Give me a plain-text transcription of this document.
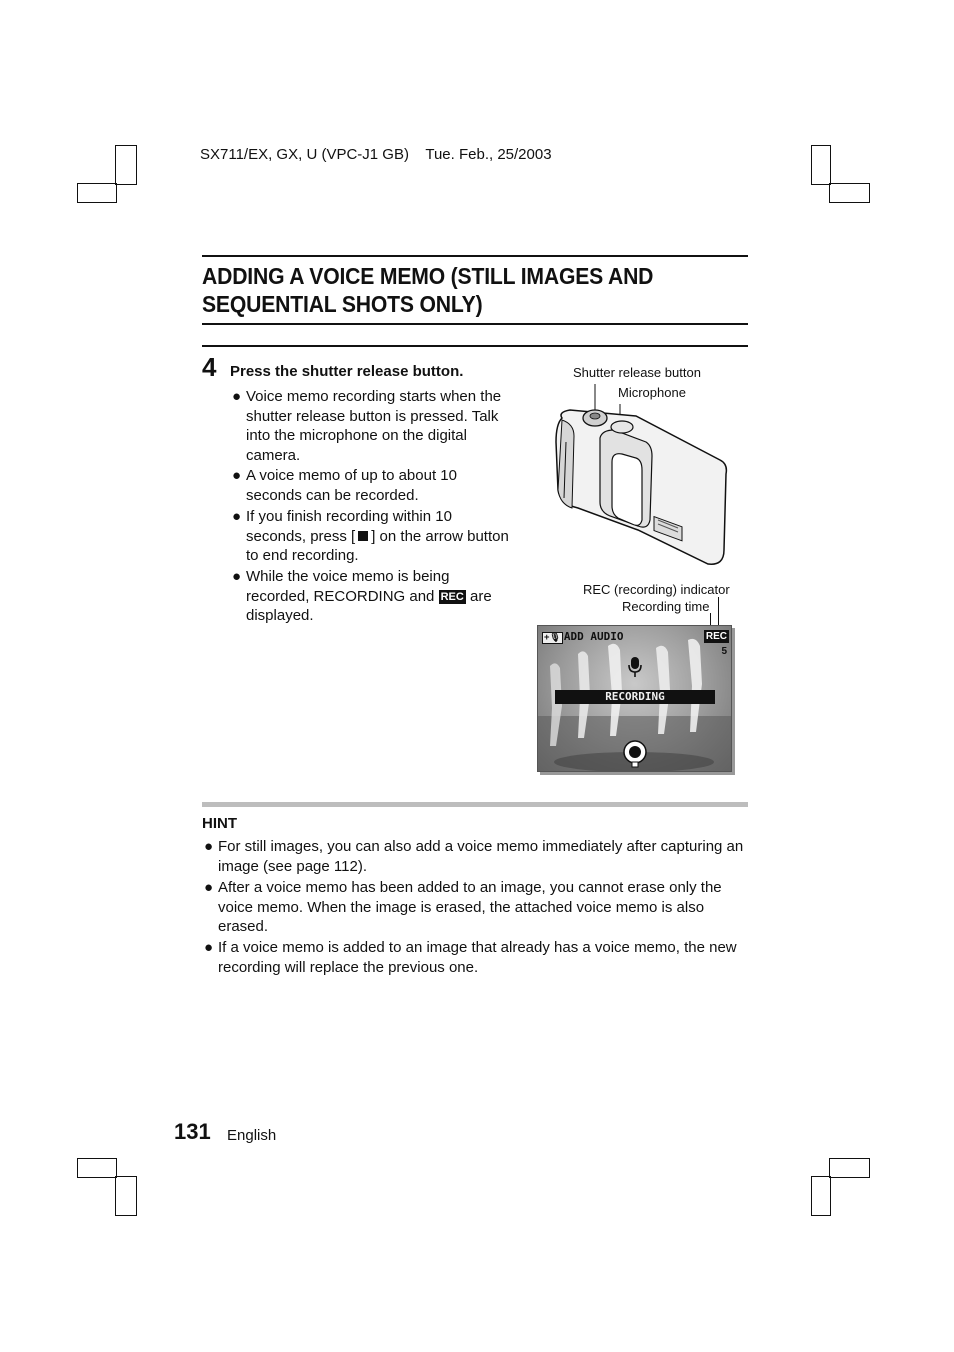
SX711/EX, GX, U (VPC-J1 GB)    Tue. Feb., 25/2003
ADDING A VOICE MEMO (STILL IMAGES AND SEQUENTIAL SHOTS ONLY)
4 Press the shutter release button.
● Voice memo recording starts when the shutter release button is pressed. Talk into the microphone on the digital camera.
● A voice memo of up to about 10 seconds can be recorded.
● If you finish recording within 10 seconds, press [ ] on the arrow button to end recording.
● While the voice memo is being recorded, RECORDING and REC are displayed.
Shutter release button
Microphone
REC (recording) indicator
Recording time
+🎙 ADD AUDIO	REC
5
RECORDING
HINT
● For still images, you can also add a voice memo immediately after capturing an image (see page 112).
● After a voice memo has been added to an image, you cannot erase only the voice memo. When the image is erased, the attached voice memo is also erased.
● If a voice memo is added to an image that already has a voice memo, the new recording will replace the previous one.
131 English
